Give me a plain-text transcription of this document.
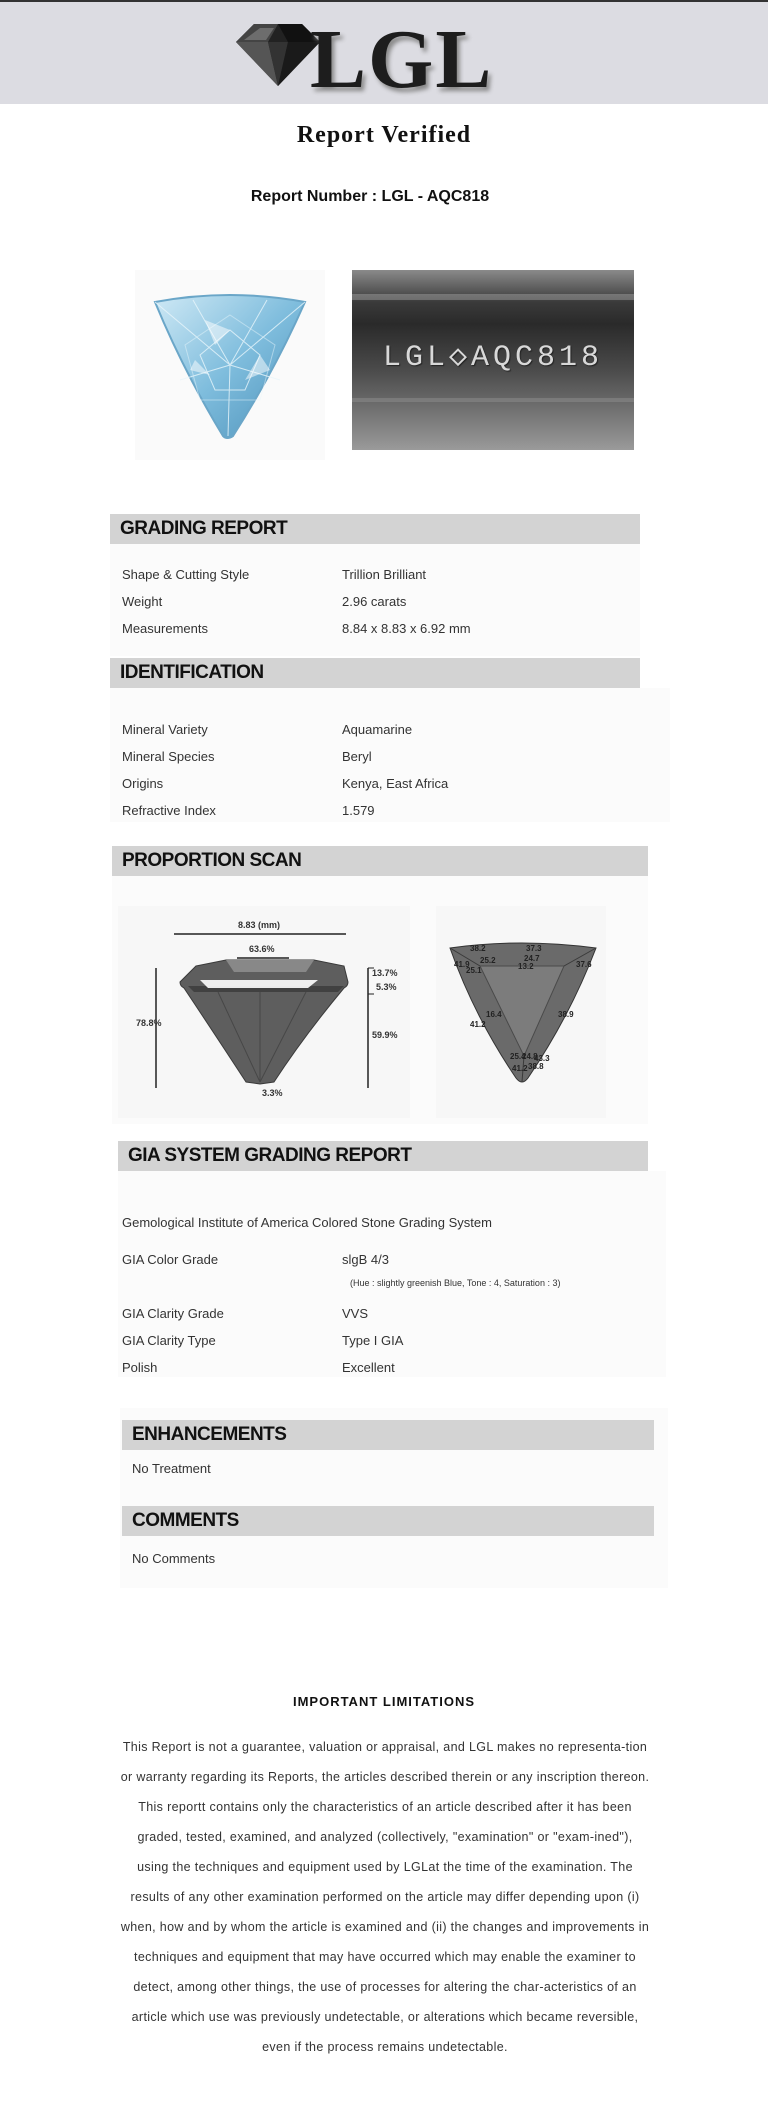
LGL
Report Verified
Report Number : LGL - AQC818
LGL◇AQC818
GRADING REPORT
Shape & Cutting Style	Trillion Brilliant
Weight	2.96 carats
Measurements	8.84 x 8.83 x 6.92 mm
IDENTIFICATION
Mineral Variety	Aquamarine
Mineral Species	Beryl
Origins	Kenya, East Africa
Refractive Index	1.579
PROPORTION SCAN
8.83 (mm)
63.6%
13.7%
5.3%
78.8%
59.9%
3.3%
38.2	37.3
41.9 25.2	24.7
37.6
25.1	13.2
16.4
41.2
38.9
25.4
24.8
43.3
41.2 38.8
GIA SYSTEM GRADING REPORT
Gemological Institute of America Colored Stone Grading System
GIA Color Grade	slgB 4/3
(Hue : slightly greenish Blue, Tone : 4, Saturation : 3)
GIA Clarity Grade	VVS
GIA Clarity Type	Type I GIA
Polish	Excellent
ENHANCEMENTS
No Treatment
COMMENTS
No Comments
IMPORTANT LIMITATIONS
This Report is not a guarantee, valuation or appraisal, and LGL makes no representa-tion or warranty regarding its Reports, the articles described therein or any inscription thereon. This reportt contains only the characteristics of an article described after it has been graded, tested, examined, and analyzed (collectively, "examination" or "exam-ined"), using the techniques and equipment used by LGLat the time of the examination. The results of any other examination performed on the article may differ depending upon (i) when, how and by whom the article is examined and (ii) the changes and improvements in techniques and equipment that may have occurred which may enable the examiner to detect, among other things, the use of processes for altering the char-acteristics of an article which use was previously undetectable, or alterations which became reversible, even if the process remains undetectable.
